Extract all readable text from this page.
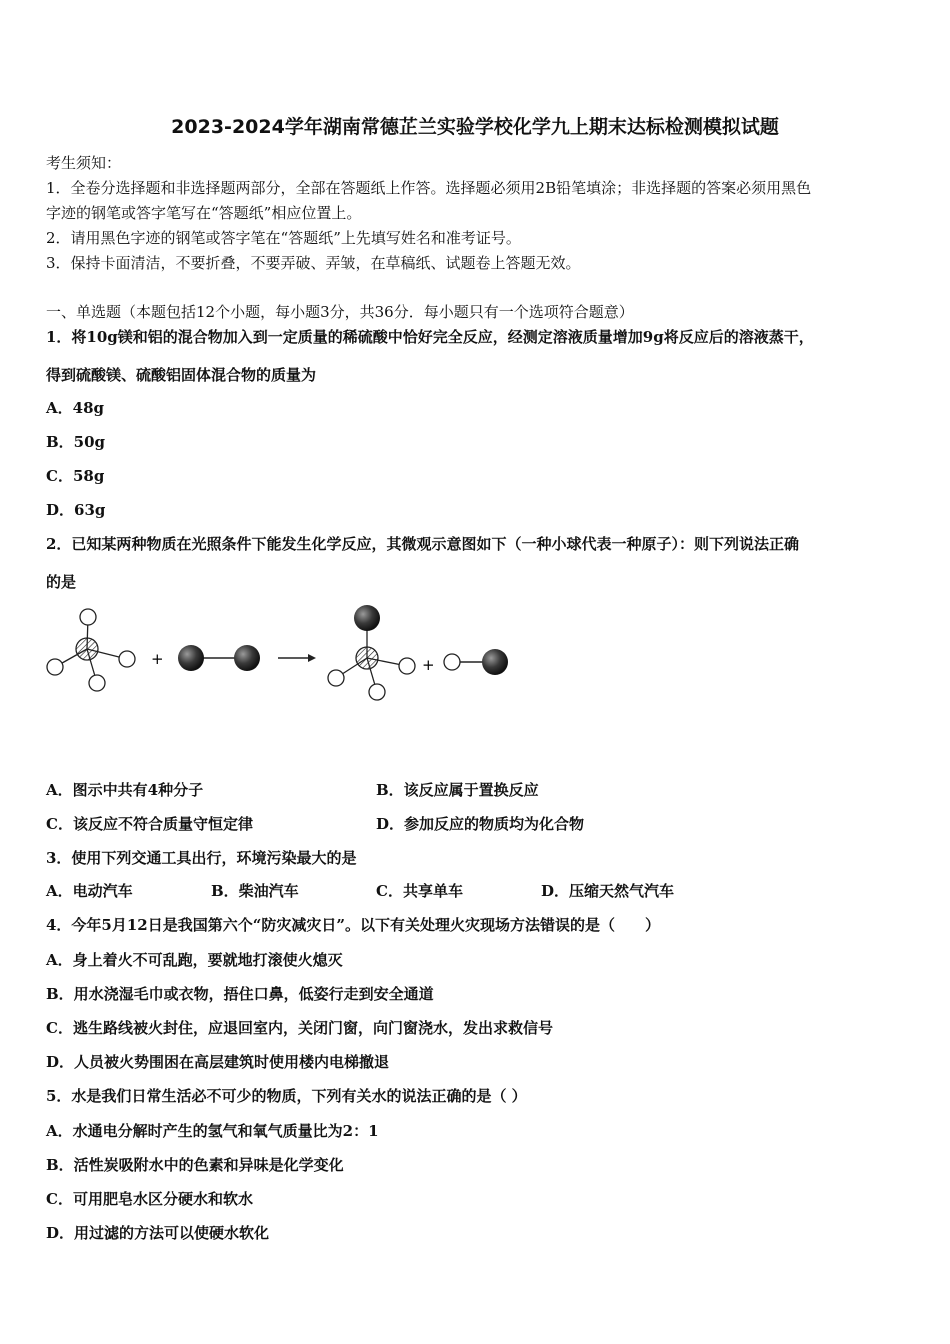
2023-2024学年湖南常德芷兰实验学校化学九上期末达标检测模拟试题
考生须知：
1．全卷分选择题和非选择题两部分，全部在答题纸上作答。选择题必须用2B铅笔填涂；非选择题的答案必须用黑色
字迹的钢笔或答字笔写在“答题纸”相应位置上。
2．请用黑色字迹的钢笔或答字笔在“答题纸”上先填写姓名和准考证号。
3．保持卡面清洁，不要折叠，不要弄破、弄皱，在草稿纸、试题卷上答题无效。
一、单选题（本题包括12个小题，每小题3分，共36分．每小题只有一个选项符合题意）
1．将10g镁和铝的混合物加入到一定质量的稀硫酸中恰好完全反应，经测定溶液质量增加9g将反应后的溶液蒸干，
得到硫酸镁、硫酸铝固体混合物的质量为
A．48g
B．50g
C．58g
D．63g
2．已知某两种物质在光照条件下能发生化学反应，其微观示意图如下（一种小球代表一种原子）：则下列说法正确
的是
+	+
A．图示中共有4种分子	B．该反应属于置换反应
C．该反应不符合质量守恒定律	D．参加反应的物质均为化合物
3．使用下列交通工具出行，环境污染最大的是
A．电动汽车	B．柴油汽车	C．共享单车	D．压缩天然气汽车
4．今年5月12日是我国第六个“防灾减灾日”。以下有关处理火灾现场方法错误的是（　　）
A．身上着火不可乱跑，要就地打滚使火熄灭
B．用水浇湿毛巾或衣物，捂住口鼻，低姿行走到安全通道
C．逃生路线被火封住，应退回室内，关闭门窗，向门窗浇水，发出求救信号
D．人员被火势围困在高层建筑时使用楼内电梯撤退
5．水是我们日常生活必不可少的物质，下列有关水的说法正确的是（ ）
A．水通电分解时产生的氢气和氧气质量比为2：1
B．活性炭吸附水中的色素和异味是化学变化
C．可用肥皂水区分硬水和软水
D．用过滤的方法可以使硬水软化
